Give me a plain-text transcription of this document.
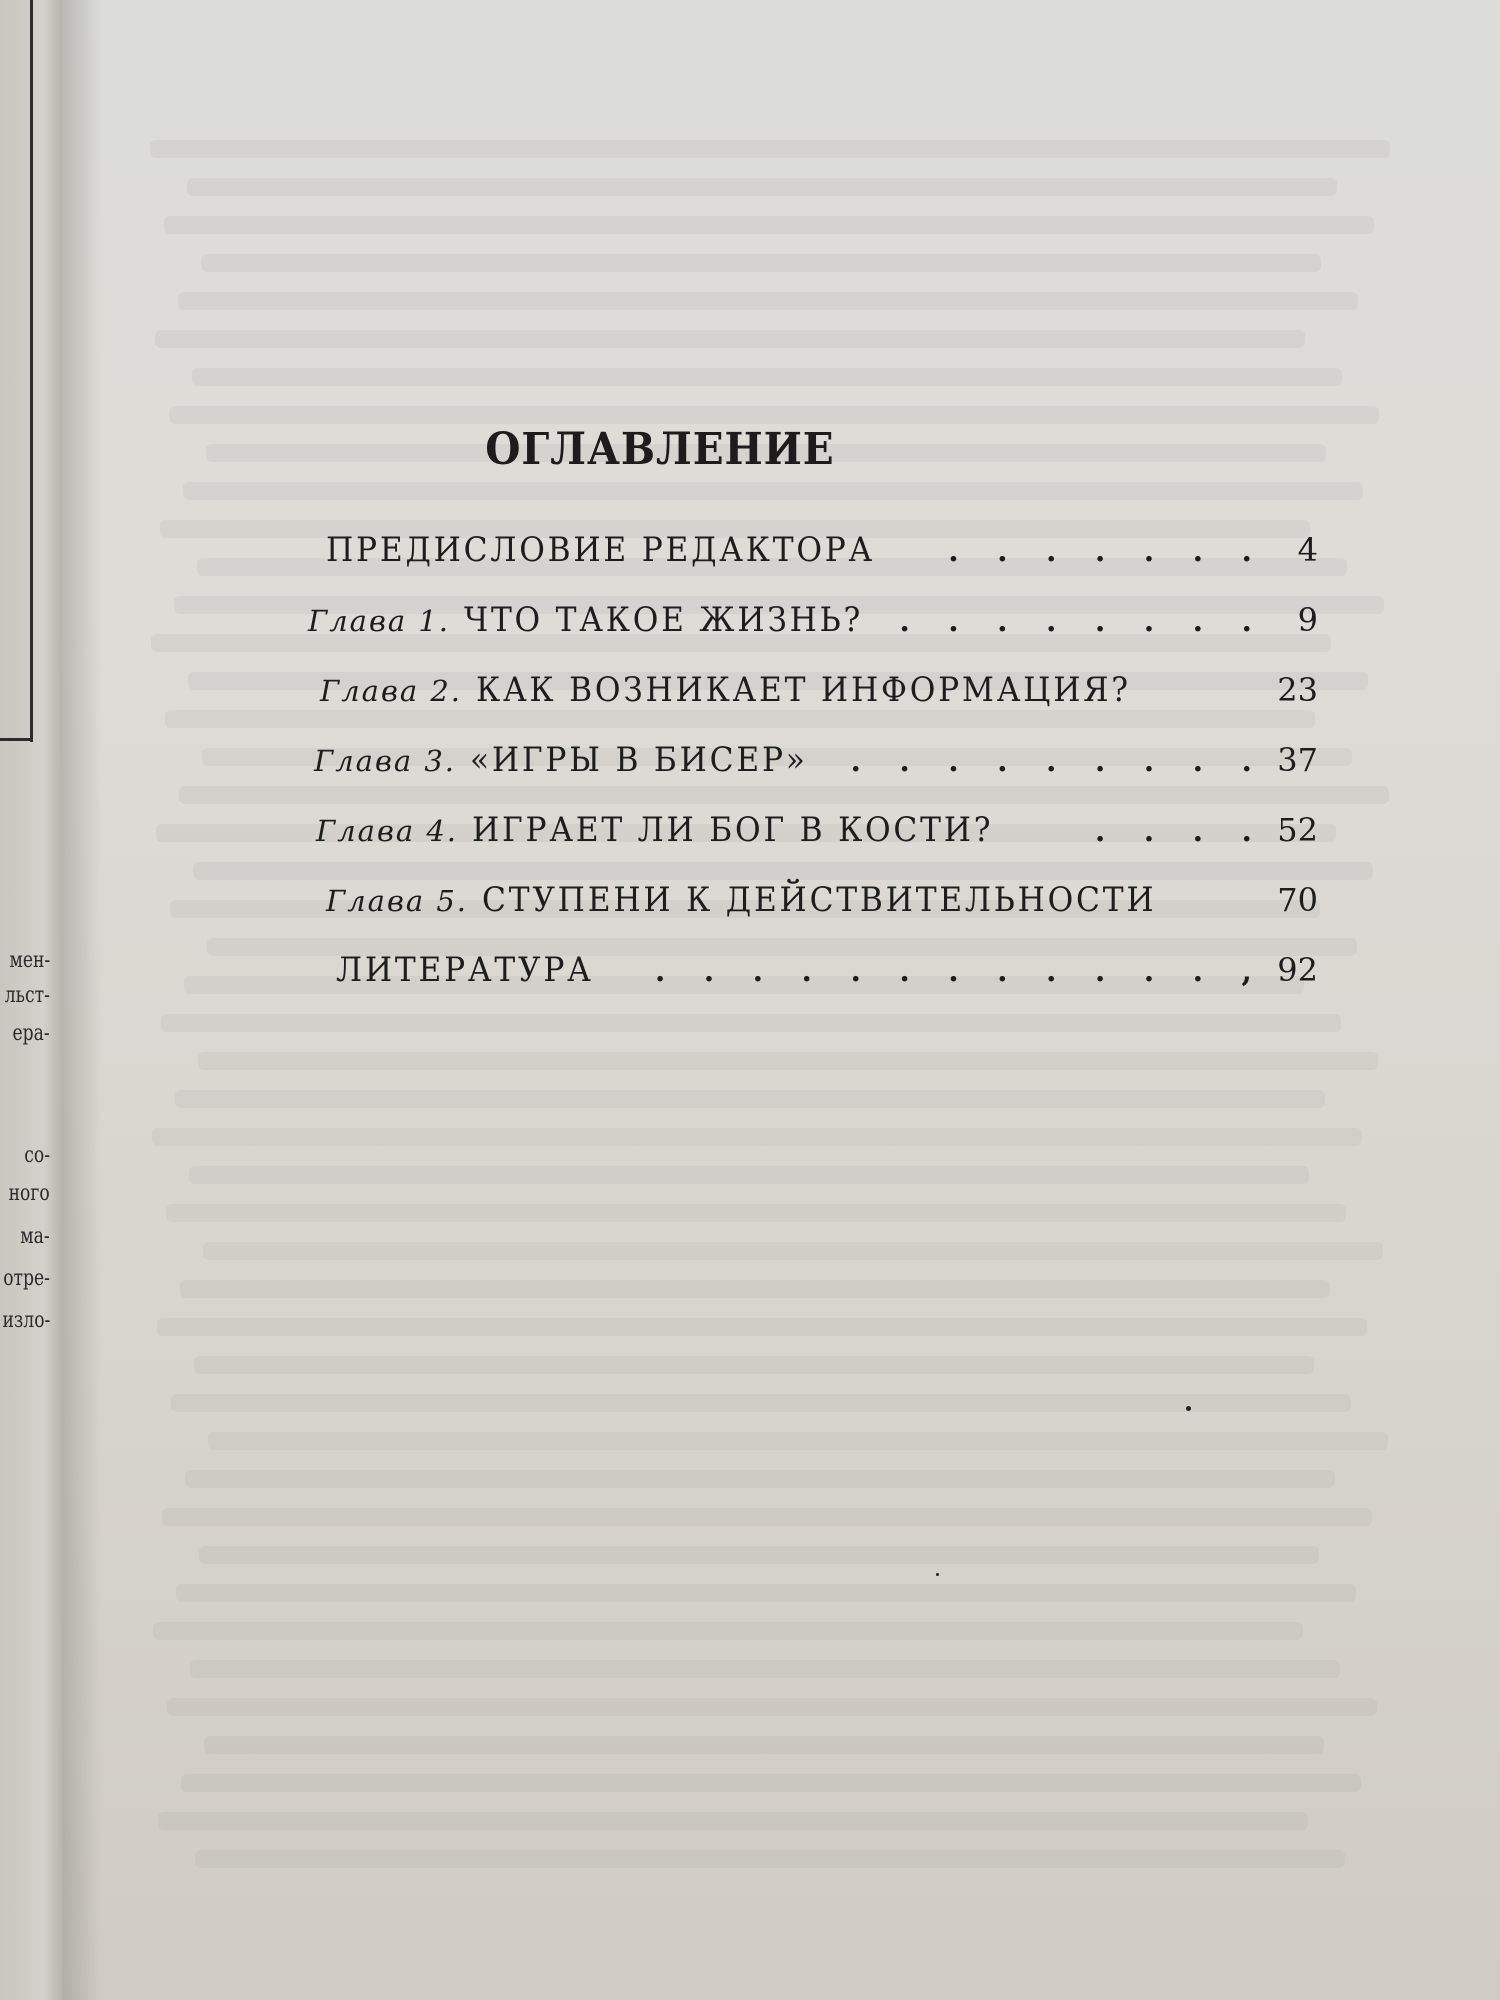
мен-
льст-
ера-
со-
ного
ма-
отре-
изло-
ОГЛАВЛЕНИЕ
ПРЕДИСЛОВИЕ РЕДАКТОРА	. . . . . . . 4
Глава 1. ЧТО ТАКОЕ ЖИЗНЬ? . . . . . . . . 9
Глава 2. КАК ВОЗНИКАЕТ ИНФОРМАЦИЯ?	23
Глава 3. «ИГРЫ В БИСЕР»	. . . . . . . . . 37
Глава 4. ИГРАЕТ ЛИ БОГ В КОСТИ?	. . . . 52
Глава 5. СТУПЕНИ К ДЕЙСТВИТЕЛЬНОСТИ	70
ЛИТЕРАТУРА	, . . . . . . . . . . . . 92
